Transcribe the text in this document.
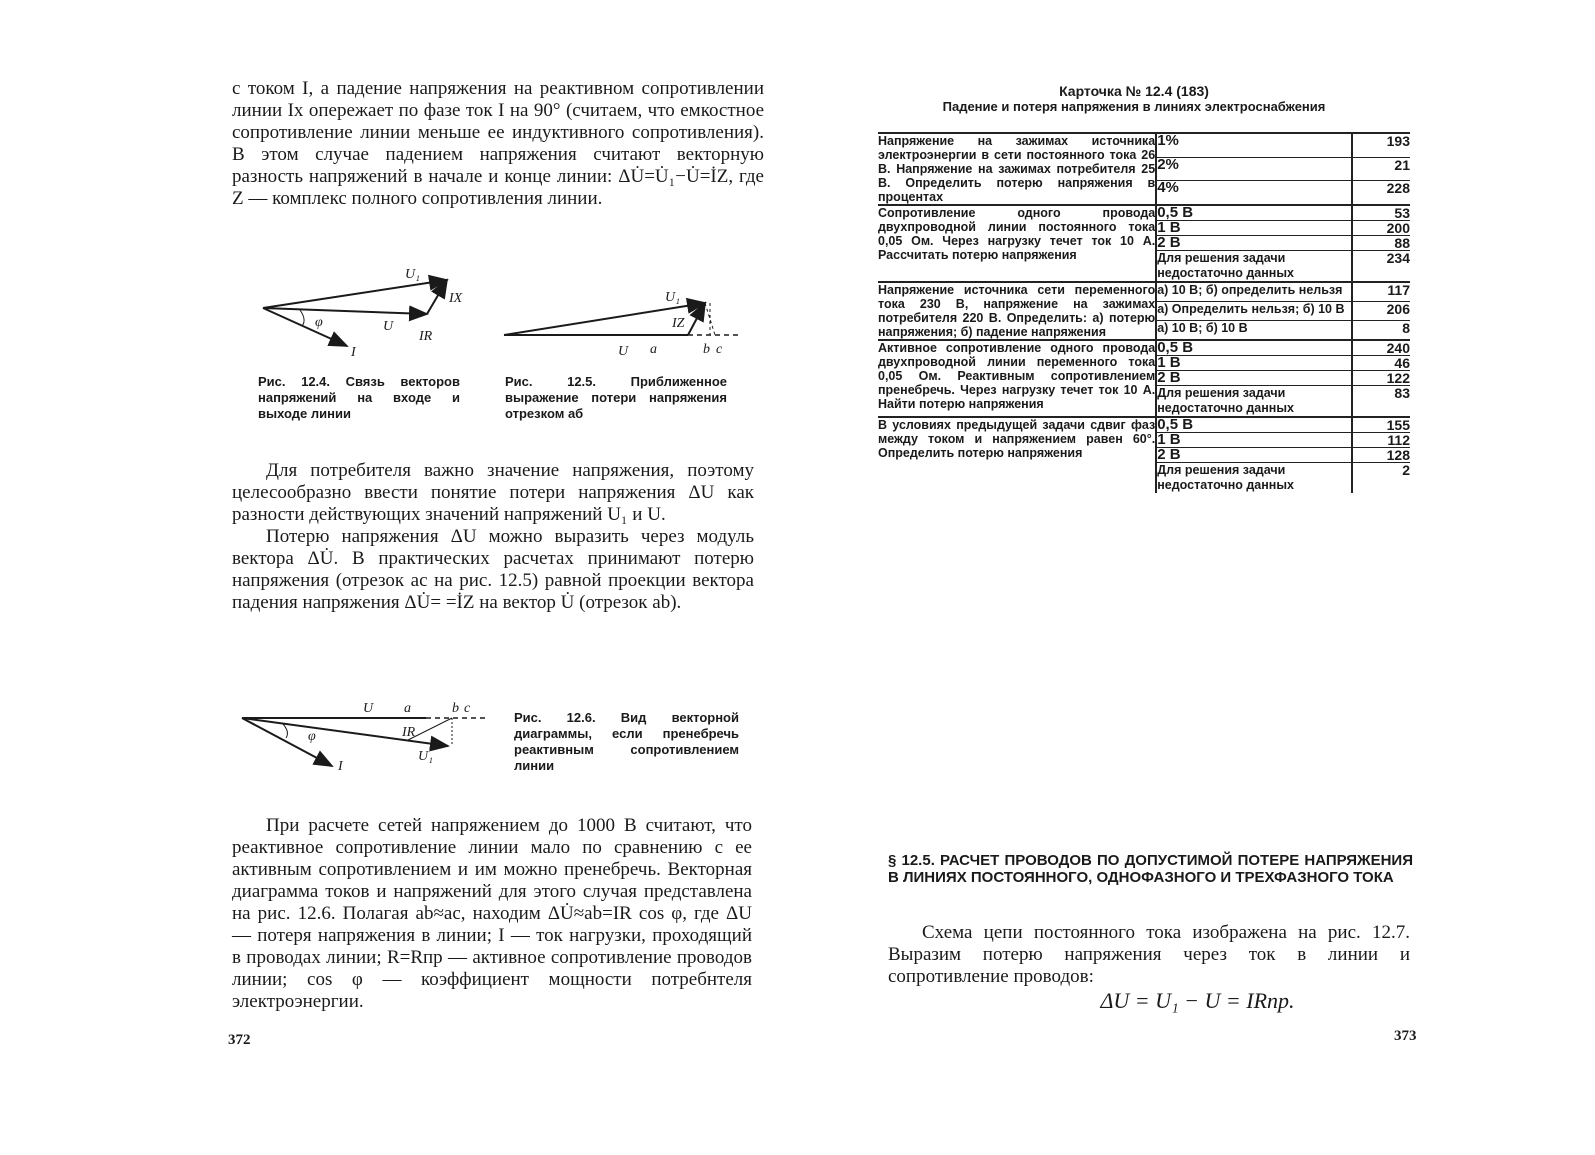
с током I, а падение напряжения на реактивном сопротивлении линии Ix опережает по фазе ток I на 90° (считаем, что емкостное сопротивление линии меньше ее индуктивного сопротивления). В этом случае падением напряжения считают векторную разность напряжений в начале и конце линии: ΔU̇=U̇₁−U̇=İZ, где Z — комплекс полного сопротивления линии.

U₁
IX
φ	U
IR
I

Рис. 12.4. Связь векторов напряжений на входе и выходе линии

U₁
IZ
U a	b c

Рис. 12.5. Приближенное выражение потери напряжения отрезком аб

Для потребителя важно значение напряжения, поэтому целесообразно ввести понятие потери напряжения ΔU как разности действующих значений напряжений U₁ и U.

Потерю напряжения ΔU можно выразить через модуль вектора ΔU̇. В практических расчетах принимают потерю напряжения (отрезок ac на рис. 12.5) равной проекции вектора падения напряжения ΔU̇= =İZ на вектор U̇ (отрезок ab).

U a	b c
φ	IR
U₁
I

Рис. 12.6. Вид векторной диаграммы, если пренебречь реактивным сопротивлением линии

При расчете сетей напряжением до 1000 В считают, что реактивное сопротивление линии мало по сравнению с ее активным сопротивлением и им можно пренебречь. Векторная диаграмма токов и напряжений для этого случая представлена на рис. 12.6. Полагая ab≈ac, находим ΔU̇≈ab=IR cos φ, где ΔU — потеря напряжения в линии; I — ток нагрузки, проходящий в проводах линии; R=Rпр — активное сопротивление проводов линии; cos φ — коэффициент мощности потребнтеля электроэнергии.

372
Карточка № 12.4 (183)
Падение и потеря напряжения в линиях электроснабжения
Напряжение на зажимах источника электроэнергии в сети постоянного тока 26 В. Напряжение на зажимах потребителя 25 В. Определить потерю напряжения в процентах	1%	193
	2%	21
	4%	228
Сопротивление одного провода двухпроводной линии постоянного тока 0,05 Ом. Через нагрузку течет ток 10 А. Рассчитать потерю напряжения	0,5 В	53
	1 В	200
	2 В	88
	Для решения задачи недостаточно данных	234
Напряжение источника сети переменного тока 230 В, напряжение на зажимах потребителя 220 В. Определить: а) потерю напряжения; б) падение напряжения	а) 10 В; б) определить нельзя	117
	а) Определить нельзя; б) 10 В	206
	а) 10 В; б) 10 В	8
Активное сопротивление одного провода двухпроводной линии переменного тока 0,05 Ом. Реактивным сопротивлением пренебречь. Через нагрузку течет ток 10 А. Найти потерю напряжения	0,5 В	240
	1 В	46
	2 В	122
	Для решения задачи недостаточно данных	83
В условиях предыдущей задачи сдвиг фаз между током и напряжением равен 60°. Определить потерю напряжения	0,5 В	155
	1 В	112
	2 В	128
	Для решения задачи недостаточно данных	2
§ 12.5. РАСЧЕТ ПРОВОДОВ ПО ДОПУСТИМОЙ ПОТЕРЕ НАПРЯЖЕНИЯ В ЛИНИЯХ ПОСТОЯННОГО, ОДНОФАЗНОГО И ТРЕХФАЗНОГО ТОКА

Схема цепи постоянного тока изображена на рис. 12.7. Выразим потерю напряжения через ток в линии и сопротивление проводов:

ΔU = U₁ − U = IRпр.
373
